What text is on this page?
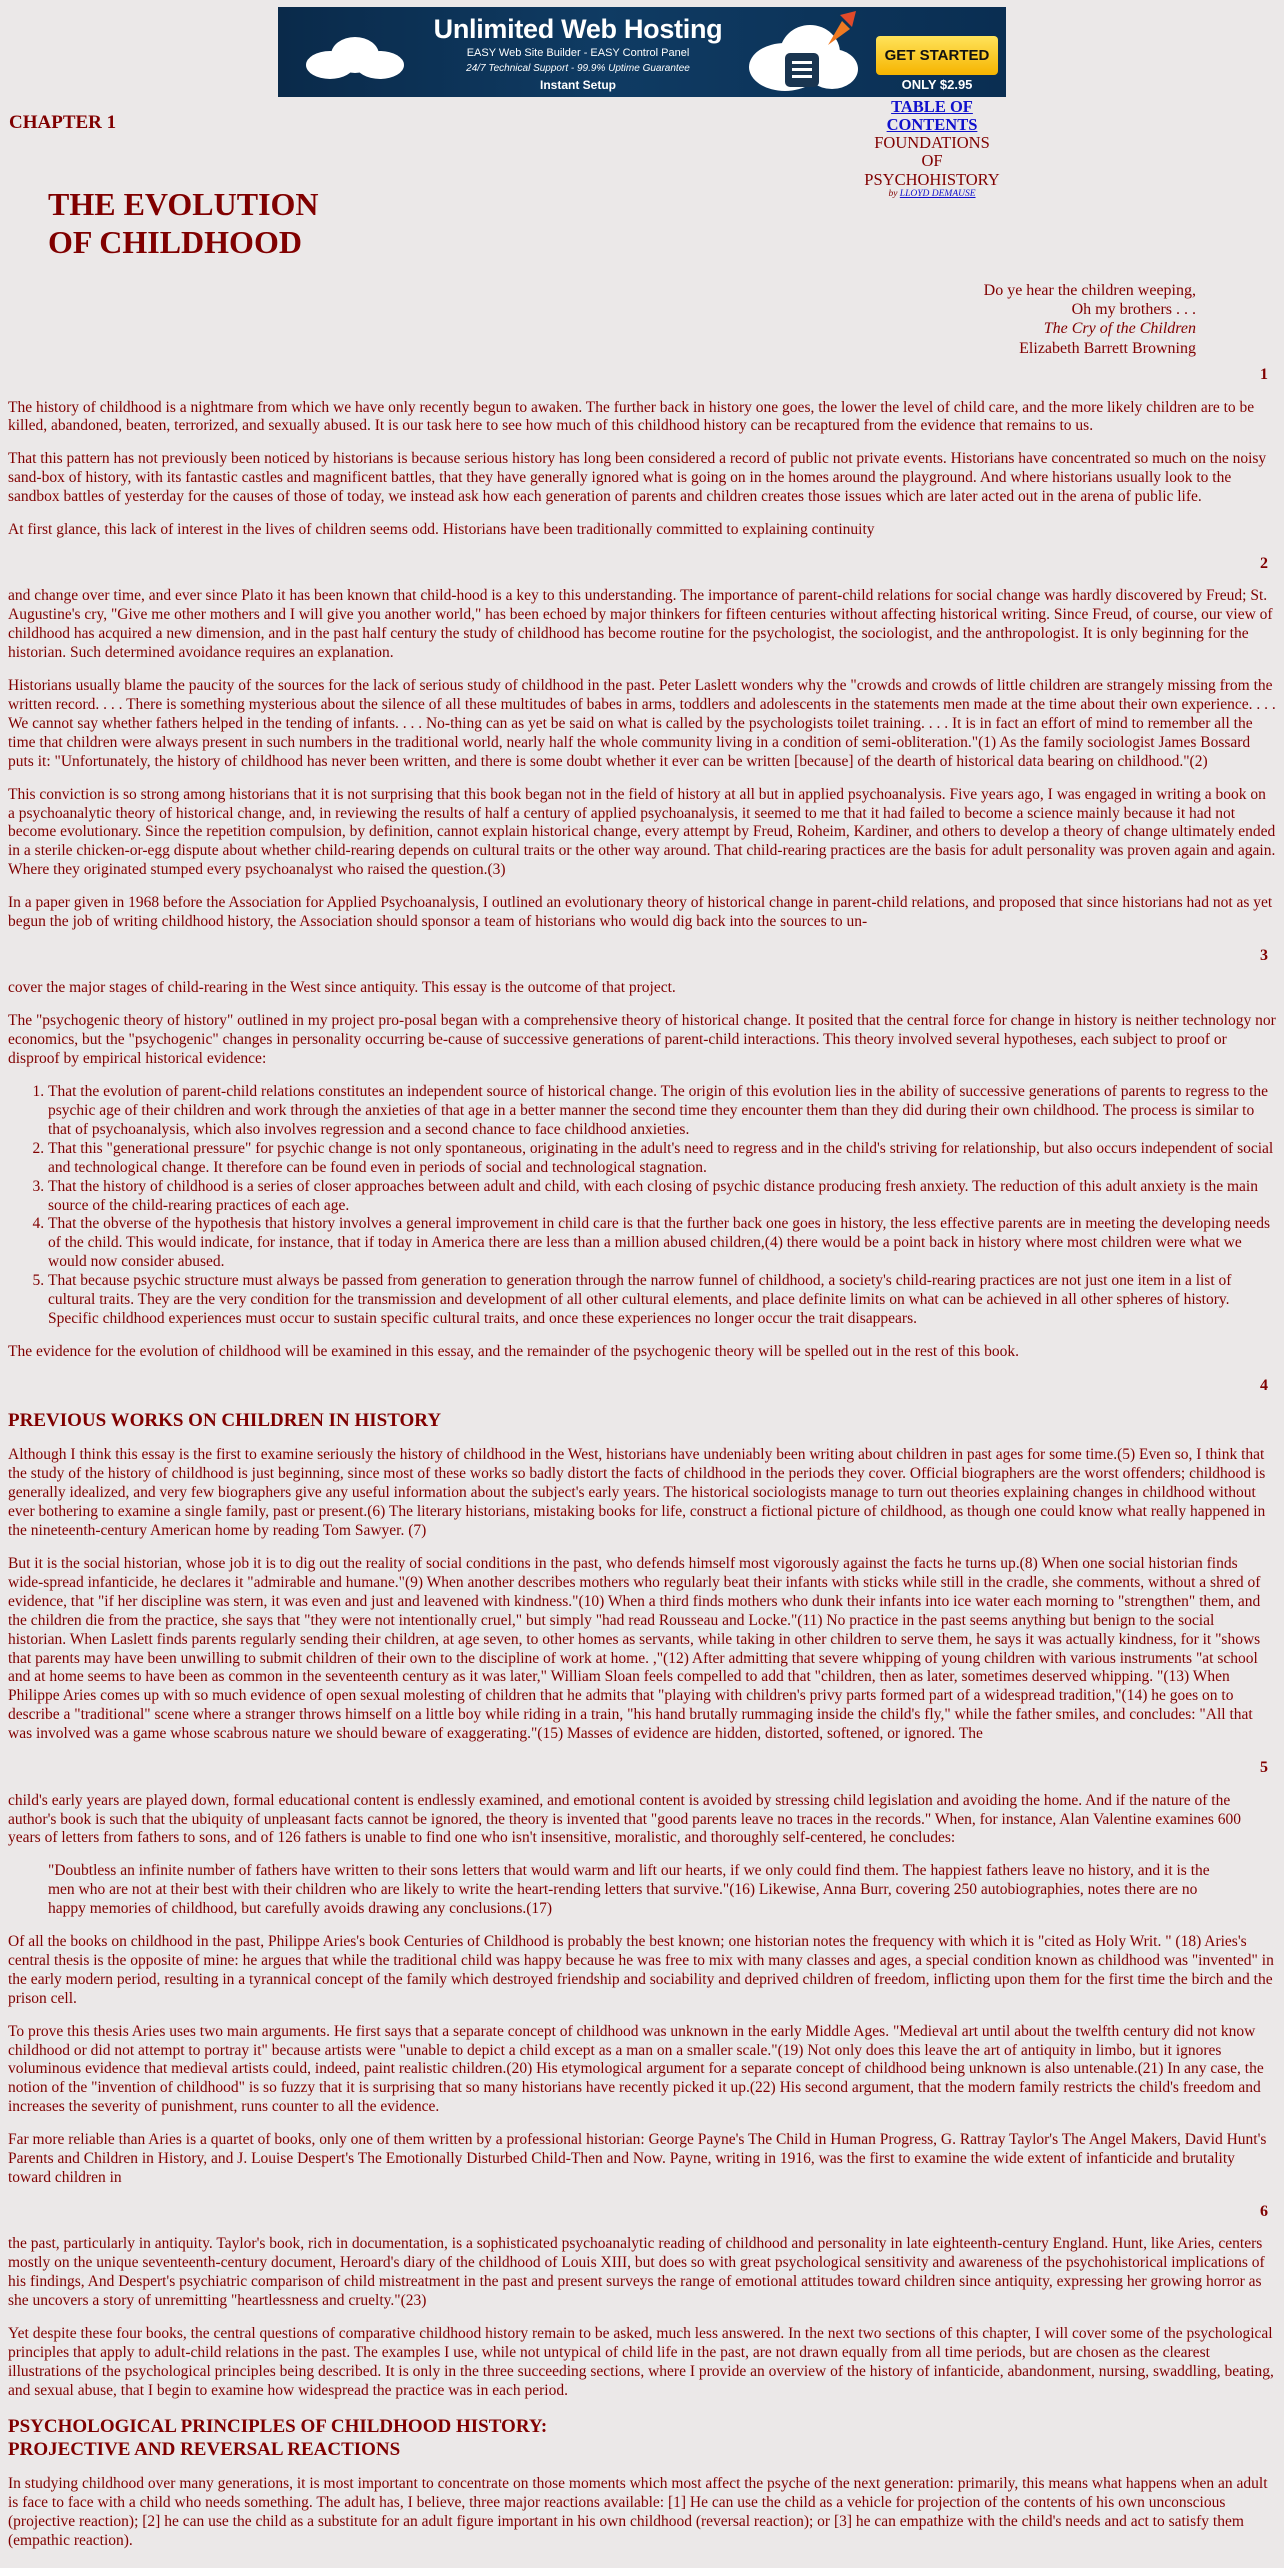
Unlimited Web Hosting
EASY Web Site Builder - EASY Control Panel
24/7 Technical Support - 99.9% Uptime Guarantee
Instant Setup
GET STARTED
ONLY $2.95
CHAPTER 1
TABLE OF CONTENTS
FOUNDATIONS OF
PSYCHOHISTORY
by LLOYD DEMAUSE
THE EVOLUTION
OF CHILDHOOD
Do ye hear the children weeping,
Oh my brothers . . .
The Cry of the Children
Elizabeth Barrett Browning

1

The history of childhood is a nightmare from which we have only recently begun to awaken. The further back in history one goes, the lower the level of child care, and the more likely children are to be killed, abandoned, beaten, terrorized, and sexually abused. It is our task here to see how much of this childhood history can be recaptured from the evidence that remains to us.

That this pattern has not previously been noticed by historians is because serious history has long been considered a record of public not private events. Historians have concentrated so much on the noisy sand-box of history, with its fantastic castles and magnificent battles, that they have generally ignored what is going on in the homes around the playground. And where historians usually look to the sandbox battles of yesterday for the causes of those of today, we instead ask how each generation of parents and children creates those issues which are later acted out in the arena of public life.

At first glance, this lack of interest in the lives of children seems odd. Historians have been traditionally committed to explaining continuity

2

and change over time, and ever since Plato it has been known that child-hood is a key to this understanding. The importance of parent-child relations for social change was hardly discovered by Freud; St. Augustine's cry, "Give me other mothers and I will give you another world," has been echoed by major thinkers for fifteen centuries without affecting historical writing. Since Freud, of course, our view of childhood has acquired a new dimension, and in the past half century the study of childhood has become routine for the psychologist, the sociologist, and the anthropologist. It is only beginning for the historian. Such determined avoidance requires an explanation.

Historians usually blame the paucity of the sources for the lack of serious study of childhood in the past. Peter Laslett wonders why the "crowds and crowds of little children are strangely missing from the written record. . . . There is something mysterious about the silence of all these multitudes of babes in arms, toddlers and adolescents in the statements men made at the time about their own experience. . . . We cannot say whether fathers helped in the tending of infants. . . . No-thing can as yet be said on what is called by the psychologists toilet training. . . . It is in fact an effort of mind to remember all the time that children were always present in such numbers in the traditional world, nearly half the whole community living in a condition of semi-obliteration."(1) As the family sociologist James Bossard puts it: "Unfortunately, the history of childhood has never been written, and there is some doubt whether it ever can be written [because] of the dearth of historical data bearing on childhood."(2)

This conviction is so strong among historians that it is not surprising that this book began not in the field of history at all but in applied psychoanalysis. Five years ago, I was engaged in writing a book on a psychoanalytic theory of historical change, and, in reviewing the results of half a century of applied psychoanalysis, it seemed to me that it had failed to become a science mainly because it had not become evolutionary. Since the repetition compulsion, by definition, cannot explain historical change, every attempt by Freud, Roheim, Kardiner, and others to develop a theory of change ultimately ended in a sterile chicken-or-egg dispute about whether child-rearing depends on cultural traits or the other way around. That child-rearing practices are the basis for adult personality was proven again and again. Where they originated stumped every psychoanalyst who raised the question.(3)

In a paper given in 1968 before the Association for Applied Psychoanalysis, I outlined an evolutionary theory of historical change in parent-child relations, and proposed that since historians had not as yet begun the job of writing childhood history, the Association should sponsor a team of historians who would dig back into the sources to un-

3

cover the major stages of child-rearing in the West since antiquity. This essay is the outcome of that project.

The "psychogenic theory of history" outlined in my project pro-posal began with a comprehensive theory of historical change. It posited that the central force for change in history is neither technology nor economics, but the "psychogenic" changes in personality occurring be-cause of successive generations of parent-child interactions. This theory involved several hypotheses, each subject to proof or disproof by empirical historical evidence:

1. That the evolution of parent-child relations constitutes an independent source of historical change. The origin of this evolution lies in the ability of successive generations of parents to regress to the psychic age of their children and work through the anxieties of that age in a better manner the second time they encounter them than they did during their own childhood. The process is similar to that of psychoanalysis, which also involves regression and a second chance to face childhood anxieties.
2. That this "generational pressure" for psychic change is not only spontaneous, originating in the adult's need to regress and in the child's striving for relationship, but also occurs independent of social and technological change. It therefore can be found even in periods of social and technological stagnation.
3. That the history of childhood is a series of closer approaches between adult and child, with each closing of psychic distance producing fresh anxiety. The reduction of this adult anxiety is the main source of the child-rearing practices of each age.
4. That the obverse of the hypothesis that history involves a general improvement in child care is that the further back one goes in history, the less effective parents are in meeting the developing needs of the child. This would indicate, for instance, that if today in America there are less than a million abused children,(4) there would be a point back in history where most children were what we would now consider abused.
5. That because psychic structure must always be passed from generation to generation through the narrow funnel of childhood, a society's child-rearing practices are not just one item in a list of cultural traits. They are the very condition for the transmission and development of all other cultural elements, and place definite limits on what can be achieved in all other spheres of history. Specific childhood experiences must occur to sustain specific cultural traits, and once these experiences no longer occur the trait disappears.

The evidence for the evolution of childhood will be examined in this essay, and the remainder of the psychogenic theory will be spelled out in the rest of this book.

4

PREVIOUS WORKS ON CHILDREN IN HISTORY

Although I think this essay is the first to examine seriously the history of childhood in the West, historians have undeniably been writing about children in past ages for some time.(5) Even so, I think that the study of the history of childhood is just beginning, since most of these works so badly distort the facts of childhood in the periods they cover. Official biographers are the worst offenders; childhood is generally idealized, and very few biographers give any useful information about the subject's early years. The historical sociologists manage to turn out theories explaining changes in childhood without ever bothering to examine a single family, past or present.(6) The literary historians, mistaking books for life, construct a fictional picture of childhood, as though one could know what really happened in the nineteenth-century American home by reading Tom Sawyer. (7)

But it is the social historian, whose job it is to dig out the reality of social conditions in the past, who defends himself most vigorously against the facts he turns up.(8) When one social historian finds wide-spread infanticide, he declares it "admirable and humane."(9) When another describes mothers who regularly beat their infants with sticks while still in the cradle, she comments, without a shred of evidence, that "if her discipline was stern, it was even and just and leavened with kindness."(10) When a third finds mothers who dunk their infants into ice water each morning to "strengthen" them, and the children die from the practice, she says that "they were not intentionally cruel," but simply "had read Rousseau and Locke."(11) No practice in the past seems anything but benign to the social historian. When Laslett finds parents regularly sending their children, at age seven, to other homes as servants, while taking in other children to serve them, he says it was actually kindness, for it "shows that parents may have been unwilling to submit children of their own to the discipline of work at home. ,"(12) After admitting that severe whipping of young children with various instruments "at school and at home seems to have been as common in the seventeenth century as it was later," William Sloan feels compelled to add that "children, then as later, sometimes deserved whipping. "(13) When Philippe Aries comes up with so much evidence of open sexual molesting of children that he admits that "playing with children's privy parts formed part of a widespread tradition,"(14) he goes on to describe a "traditional" scene where a stranger throws himself on a little boy while riding in a train, "his hand brutally rummaging inside the child's fly," while the father smiles, and concludes: "All that was involved was a game whose scabrous nature we should beware of exaggerating."(15) Masses of evidence are hidden, distorted, softened, or ignored. The

5

child's early years are played down, formal educational content is endlessly examined, and emotional content is avoided by stressing child legislation and avoiding the home. And if the nature of the author's book is such that the ubiquity of unpleasant facts cannot be ignored, the theory is invented that "good parents leave no traces in the records." When, for instance, Alan Valentine examines 600 years of letters from fathers to sons, and of 126 fathers is unable to find one who isn't insensitive, moralistic, and thoroughly self-centered, he concludes:

"Doubtless an infinite number of fathers have written to their sons letters that would warm and lift our hearts, if we only could find them. The happiest fathers leave no history, and it is the men who are not at their best with their children who are likely to write the heart-rending letters that survive."(16) Likewise, Anna Burr, covering 250 autobiographies, notes there are no happy memories of childhood, but carefully avoids drawing any conclusions.(17)

Of all the books on childhood in the past, Philippe Aries's book Centuries of Childhood is probably the best known; one historian notes the frequency with which it is "cited as Holy Writ. " (18) Aries's central thesis is the opposite of mine: he argues that while the traditional child was happy because he was free to mix with many classes and ages, a special condition known as childhood was "invented" in the early modern period, resulting in a tyrannical concept of the family which destroyed friendship and sociability and deprived children of freedom, inflicting upon them for the first time the birch and the prison cell.

To prove this thesis Aries uses two main arguments. He first says that a separate concept of childhood was unknown in the early Middle Ages. "Medieval art until about the twelfth century did not know childhood or did not attempt to portray it" because artists were "unable to depict a child except as a man on a smaller scale."(19) Not only does this leave the art of antiquity in limbo, but it ignores voluminous evidence that medieval artists could, indeed, paint realistic children.(20) His etymological argument for a separate concept of childhood being unknown is also untenable.(21) In any case, the notion of the "invention of childhood" is so fuzzy that it is surprising that so many historians have recently picked it up.(22) His second argument, that the modern family restricts the child's freedom and increases the severity of punishment, runs counter to all the evidence.

Far more reliable than Aries is a quartet of books, only one of them written by a professional historian: George Payne's The Child in Human Progress, G. Rattray Taylor's The Angel Makers, David Hunt's Parents and Children in History, and J. Louise Despert's The Emotionally Disturbed Child-Then and Now. Payne, writing in 1916, was the first to examine the wide extent of infanticide and brutality toward children in

6

the past, particularly in antiquity. Taylor's book, rich in documentation, is a sophisticated psychoanalytic reading of childhood and personality in late eighteenth-century England. Hunt, like Aries, centers mostly on the unique seventeenth-century document, Heroard's diary of the childhood of Louis XIII, but does so with great psychological sensitivity and awareness of the psychohistorical implications of his findings, And Despert's psychiatric comparison of child mistreatment in the past and present surveys the range of emotional attitudes toward children since antiquity, expressing her growing horror as she uncovers a story of unremitting "heartlessness and cruelty."(23)

Yet despite these four books, the central questions of comparative childhood history remain to be asked, much less answered. In the next two sections of this chapter, I will cover some of the psychological principles that apply to adult-child relations in the past. The examples I use, while not untypical of child life in the past, are not drawn equally from all time periods, but are chosen as the clearest illustrations of the psychological principles being described. It is only in the three succeeding sections, where I provide an overview of the history of infanticide, abandonment, nursing, swaddling, beating, and sexual abuse, that I begin to examine how widespread the practice was in each period.

PSYCHOLOGICAL PRINCIPLES OF CHILDHOOD HISTORY:
PROJECTIVE AND REVERSAL REACTIONS

In studying childhood over many generations, it is most important to concentrate on those moments which most affect the psyche of the next generation: primarily, this means what happens when an adult is face to face with a child who needs something. The adult has, I believe, three major reactions available: [1] He can use the child as a vehicle for projection of the contents of his own unconscious (projective reaction); [2] he can use the child as a substitute for an adult figure important in his own childhood (reversal reaction); or [3] he can empathize with the child's needs and act to satisfy them (empathic reaction).
